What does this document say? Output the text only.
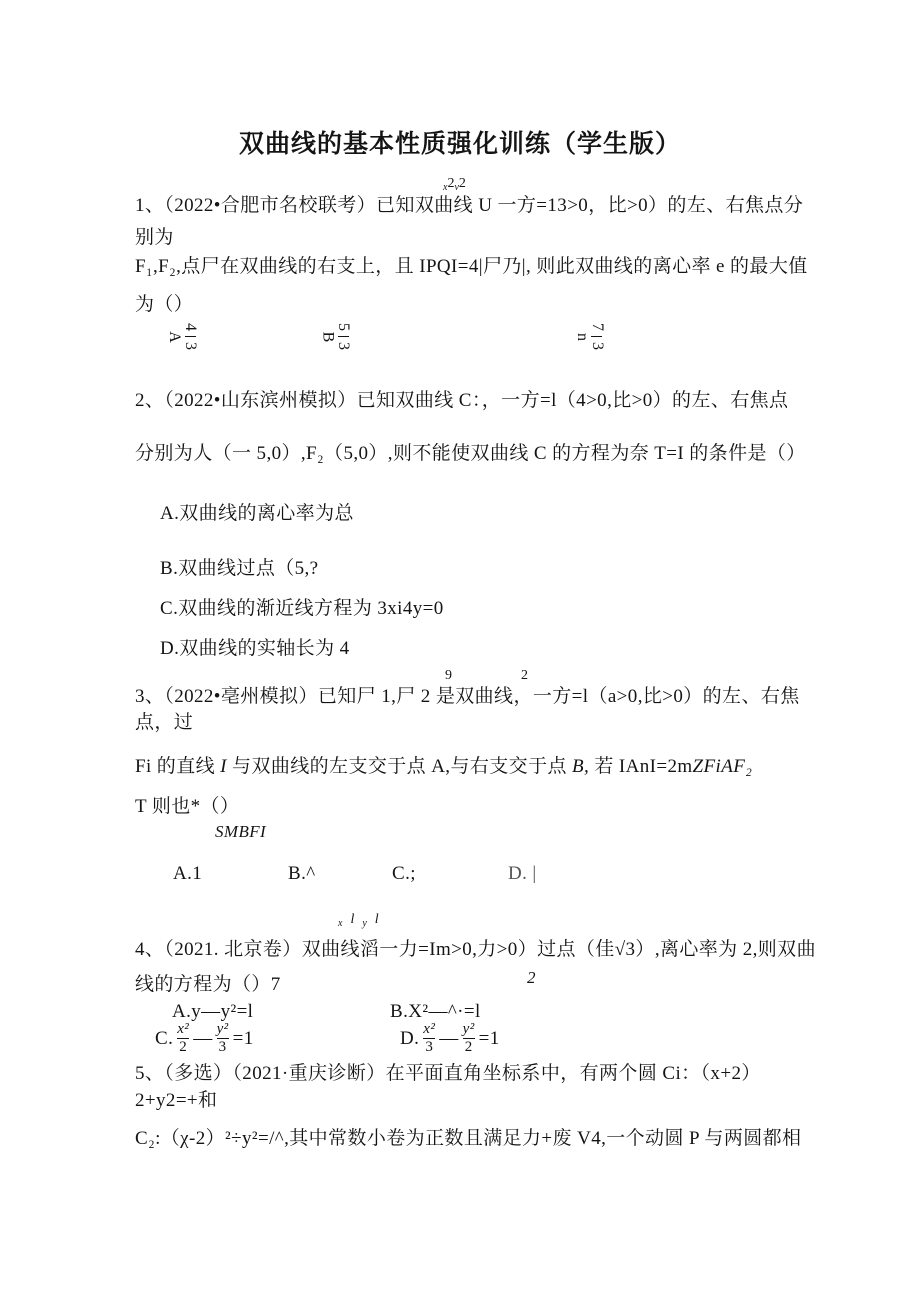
双曲线的基本性质强化训练（学生版）
$_x2_v2$
1、（2022•合肥市名校联考）已知双曲线 U 一方=13>0，比>0）的左、右焦点分
别为
F₁,F₂,点尸在双曲线的右支上，且 IPQI=4|尸乃|, 则此双曲线的离心率 e 的最大值
为（）
A $\frac{4}{3}$	B $\frac{5}{3}$	n $\frac{7}{3}$
2、（2022•山东滨州模拟）已知双曲线 C：，一方=l（4>0,比>0）的左、右焦点
分别为人（一 5,0）,F₂（5,0）,则不能使双曲线 C 的方程为奈 T=I 的条件是（）
A.双曲线的离心率为总
B.双曲线过点（5,?
C.双曲线的渐近线方程为 3xi4y=0
D.双曲线的实轴长为 4
9	2
3、（2022•亳州模拟）已知尸 1,尸 2 是双曲线，一方=l（a>0,比>0）的左、右焦
点，过
Fi 的直线 I 与双曲线的左支交于点 A,与右支交于点 B, 若 IAnI=2mZFiAF₂
T 则也*（）
SMBFI
A.1	B.^	C.;	D. |
$_xl_yl$
4、（2021. 北京卷）双曲线滔一力=Im>0,力>0）过点（佳√3）,离心率为 2,则双曲
线的方程为（）7	2
A.y—y²=l	B.X²—^·=l
C. $\frac{\text{x²}}{2}$ — $\frac{\text{y²}}{3} =1$	D. $\frac{\text{x²}}{3}$ — $\frac{\text{y²}}{2} =1$
5、（多选）（2021·重庆诊断）在平面直角坐标系中，有两个圆 Ci：（x+2）
2+y2=+和
C₂:（χ-2）²÷y²=/^,其中常数小卷为正数且满足力+废 V4,一个动圆 P 与两圆都相
